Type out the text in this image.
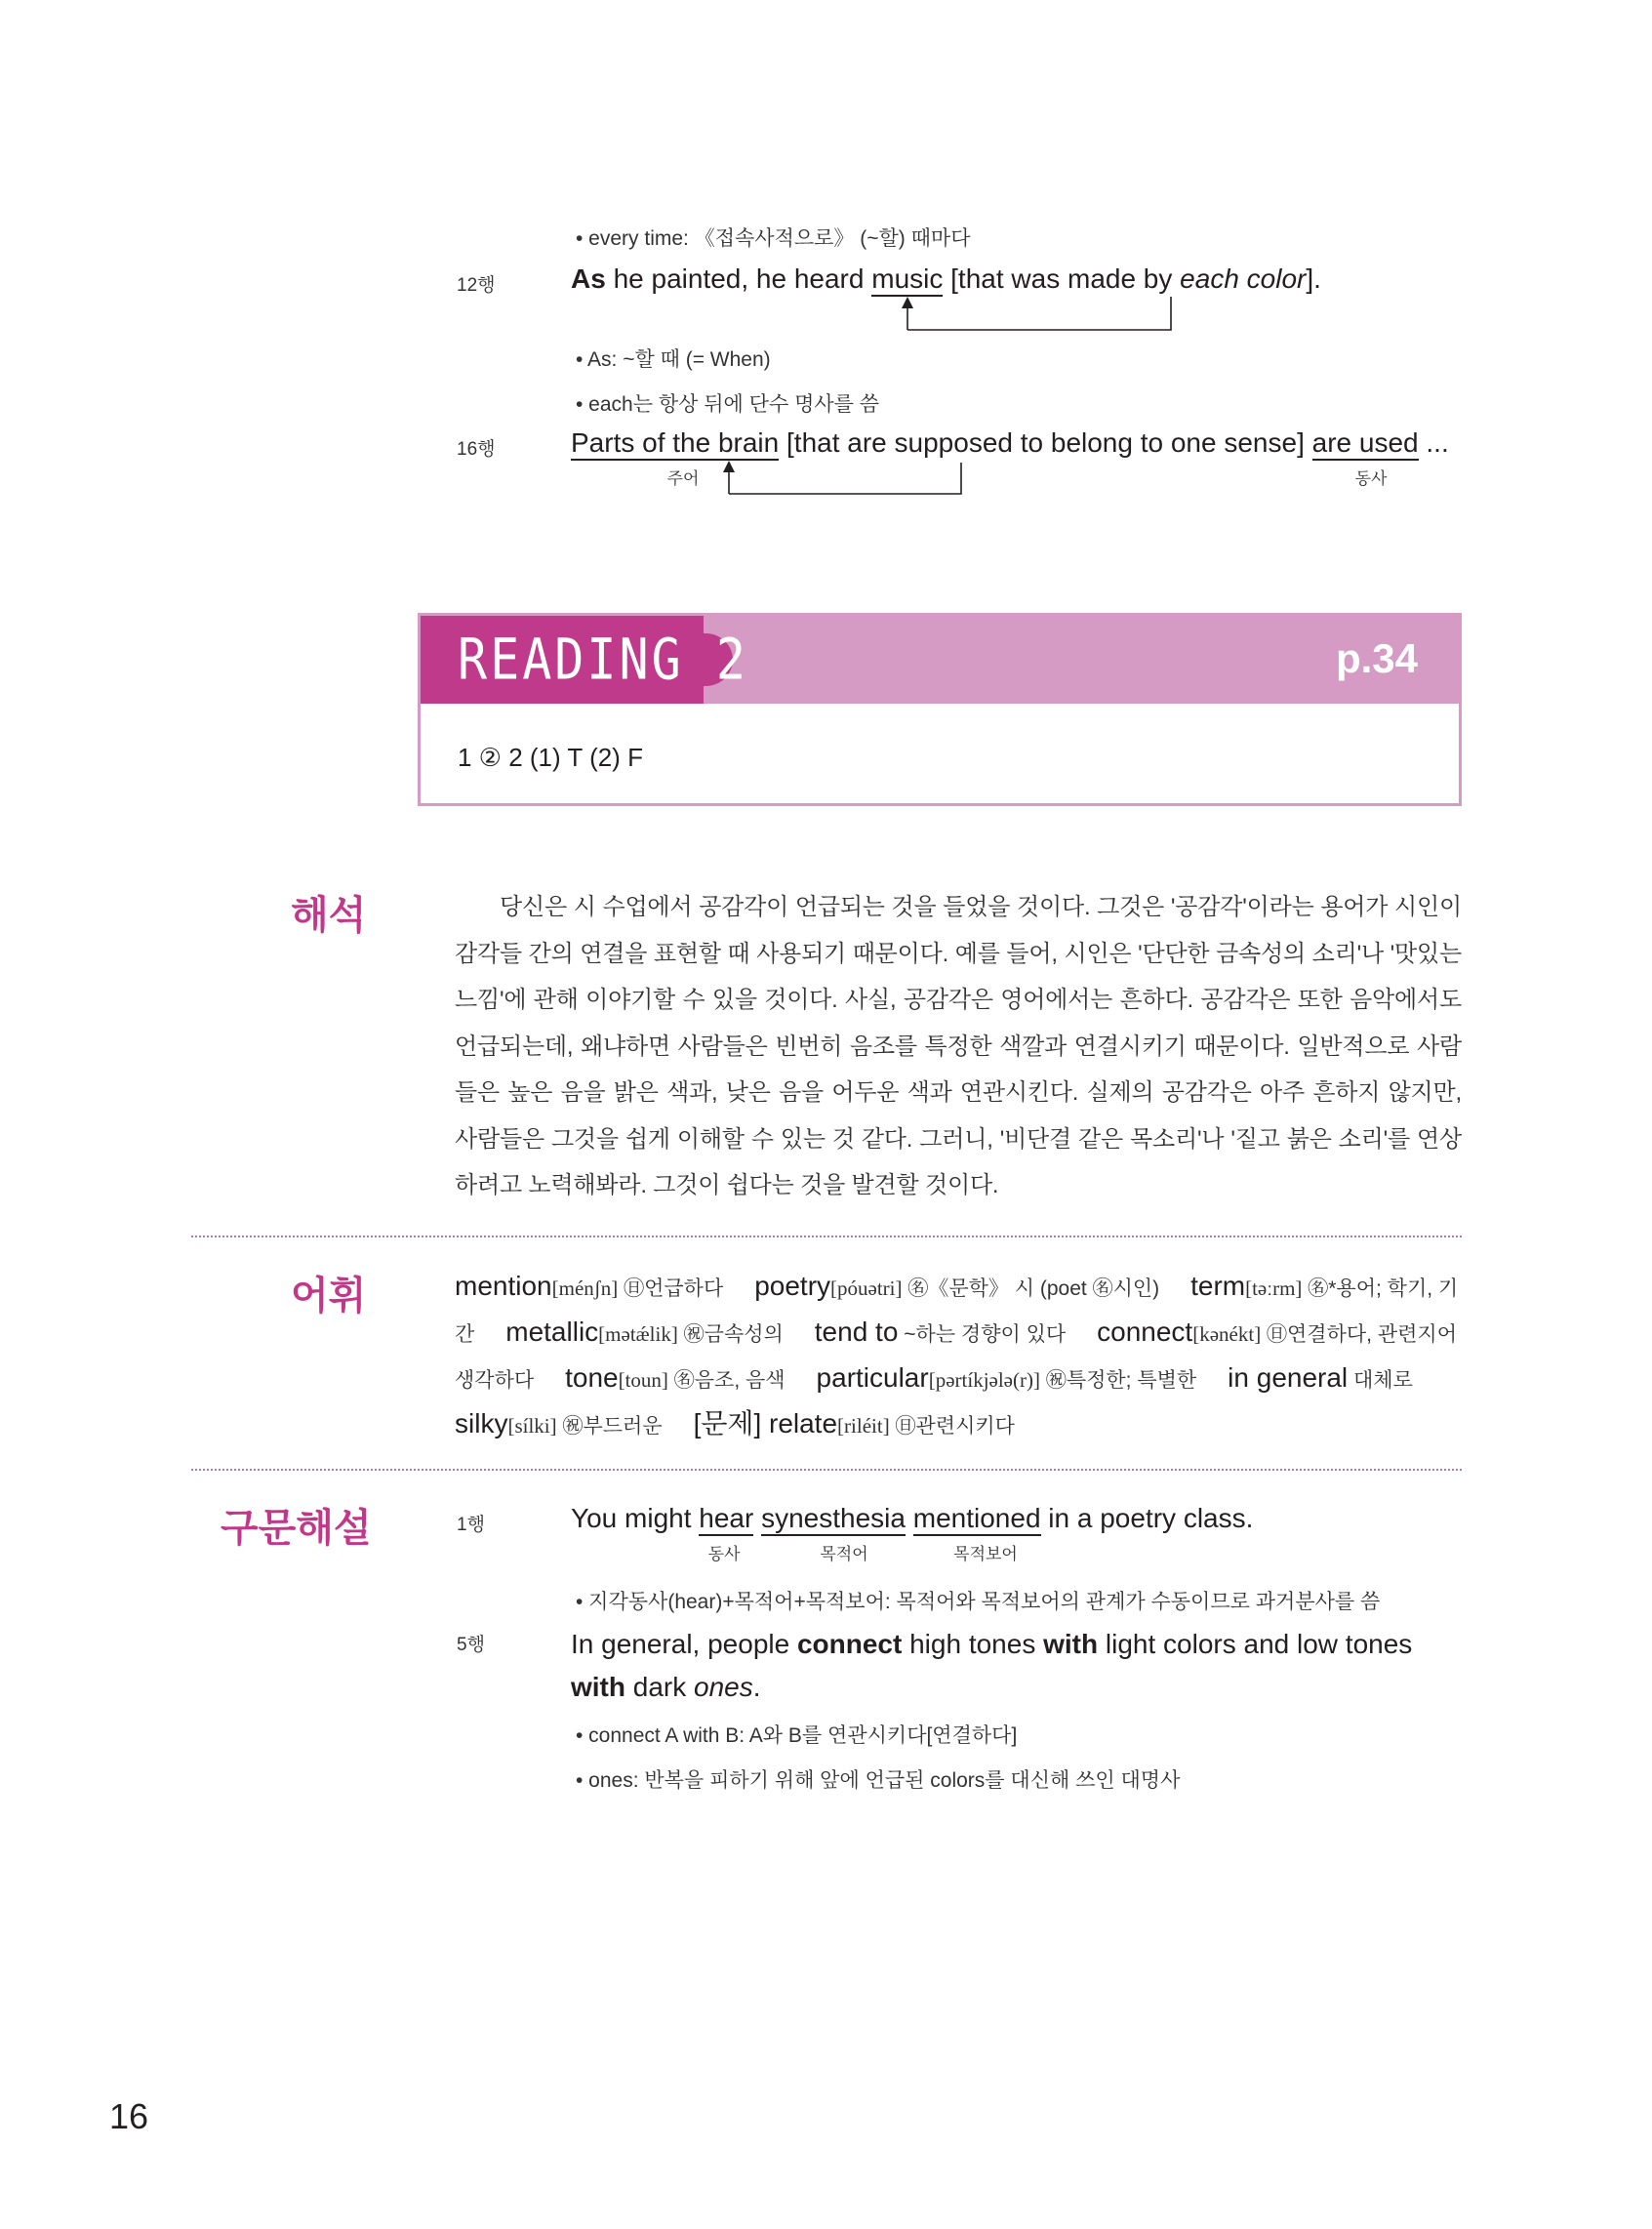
• every time: 《접속사적으로》 (~할) 때마다
12행	As he painted, he heard music [that was made by each color].
• As: ~할 때 (= When)
• each는 항상 뒤에 단수 명사를 씀
16행	Parts of the brain [that are supposed to belong to one sense] are used ...
주어	동사
READING 2	p.34
1 ② 2 (1) T (2) F
해석	당신은 시 수업에서 공감각이 언급되는 것을 들었을 것이다. 그것은 '공감각'이라는 용어가 시인이 감각들 간의 연결을 표현할 때 사용되기 때문이다. 예를 들어, 시인은 '단단한 금속성의 소리'나 '맛있는 느낌'에 관해 이야기할 수 있을 것이다. 사실, 공감각은 영어에서는 흔하다. 공감각은 또한 음악에서도 언급되는데, 왜냐하면 사람들은 빈번히 음조를 특정한 색깔과 연결시키기 때문이다. 일반적으로 사람들은 높은 음을 밝은 색과, 낮은 음을 어두운 색과 연관시킨다. 실제의 공감각은 아주 흔하지 않지만, 사람들은 그것을 쉽게 이해할 수 있는 것 같다. 그러니, '비단결 같은 목소리'나 '짙고 붉은 소리'를 연상하려고 노력해봐라. 그것이 쉽다는 것을 발견할 것이다.
어휘	mention[ménʃn] ㊐언급하다  poetry[póuətri] ㊔《문학》 시 (poet ㊔시인)  term[təːrm] ㊔*용어; 학기, 기간  metallic[mətǽlik] ㊗금속성의  tend to ~하는 경향이 있다  connect[kənékt] ㊐연결하다, 관련지어 생각하다  tone[toun] ㊔음조, 음색  particular[pərtíkjələ(r)] ㊗특정한; 특별한  in general 대체로  silky[sílki] ㊗부드러운  [문제] relate[riléit] ㊐관련시키다
구문해설	1행	You might hear synesthesia mentioned in a poetry class.
동사	목적어	목적보어
• 지각동사(hear)+목적어+목적보어: 목적어와 목적보어의 관계가 수동이므로 과거분사를 씀
5행	In general, people connect high tones with light colors and low tones
with dark ones.
• connect A with B: A와 B를 연관시키다[연결하다]
• ones: 반복을 피하기 위해 앞에 언급된 colors를 대신해 쓰인 대명사
16
